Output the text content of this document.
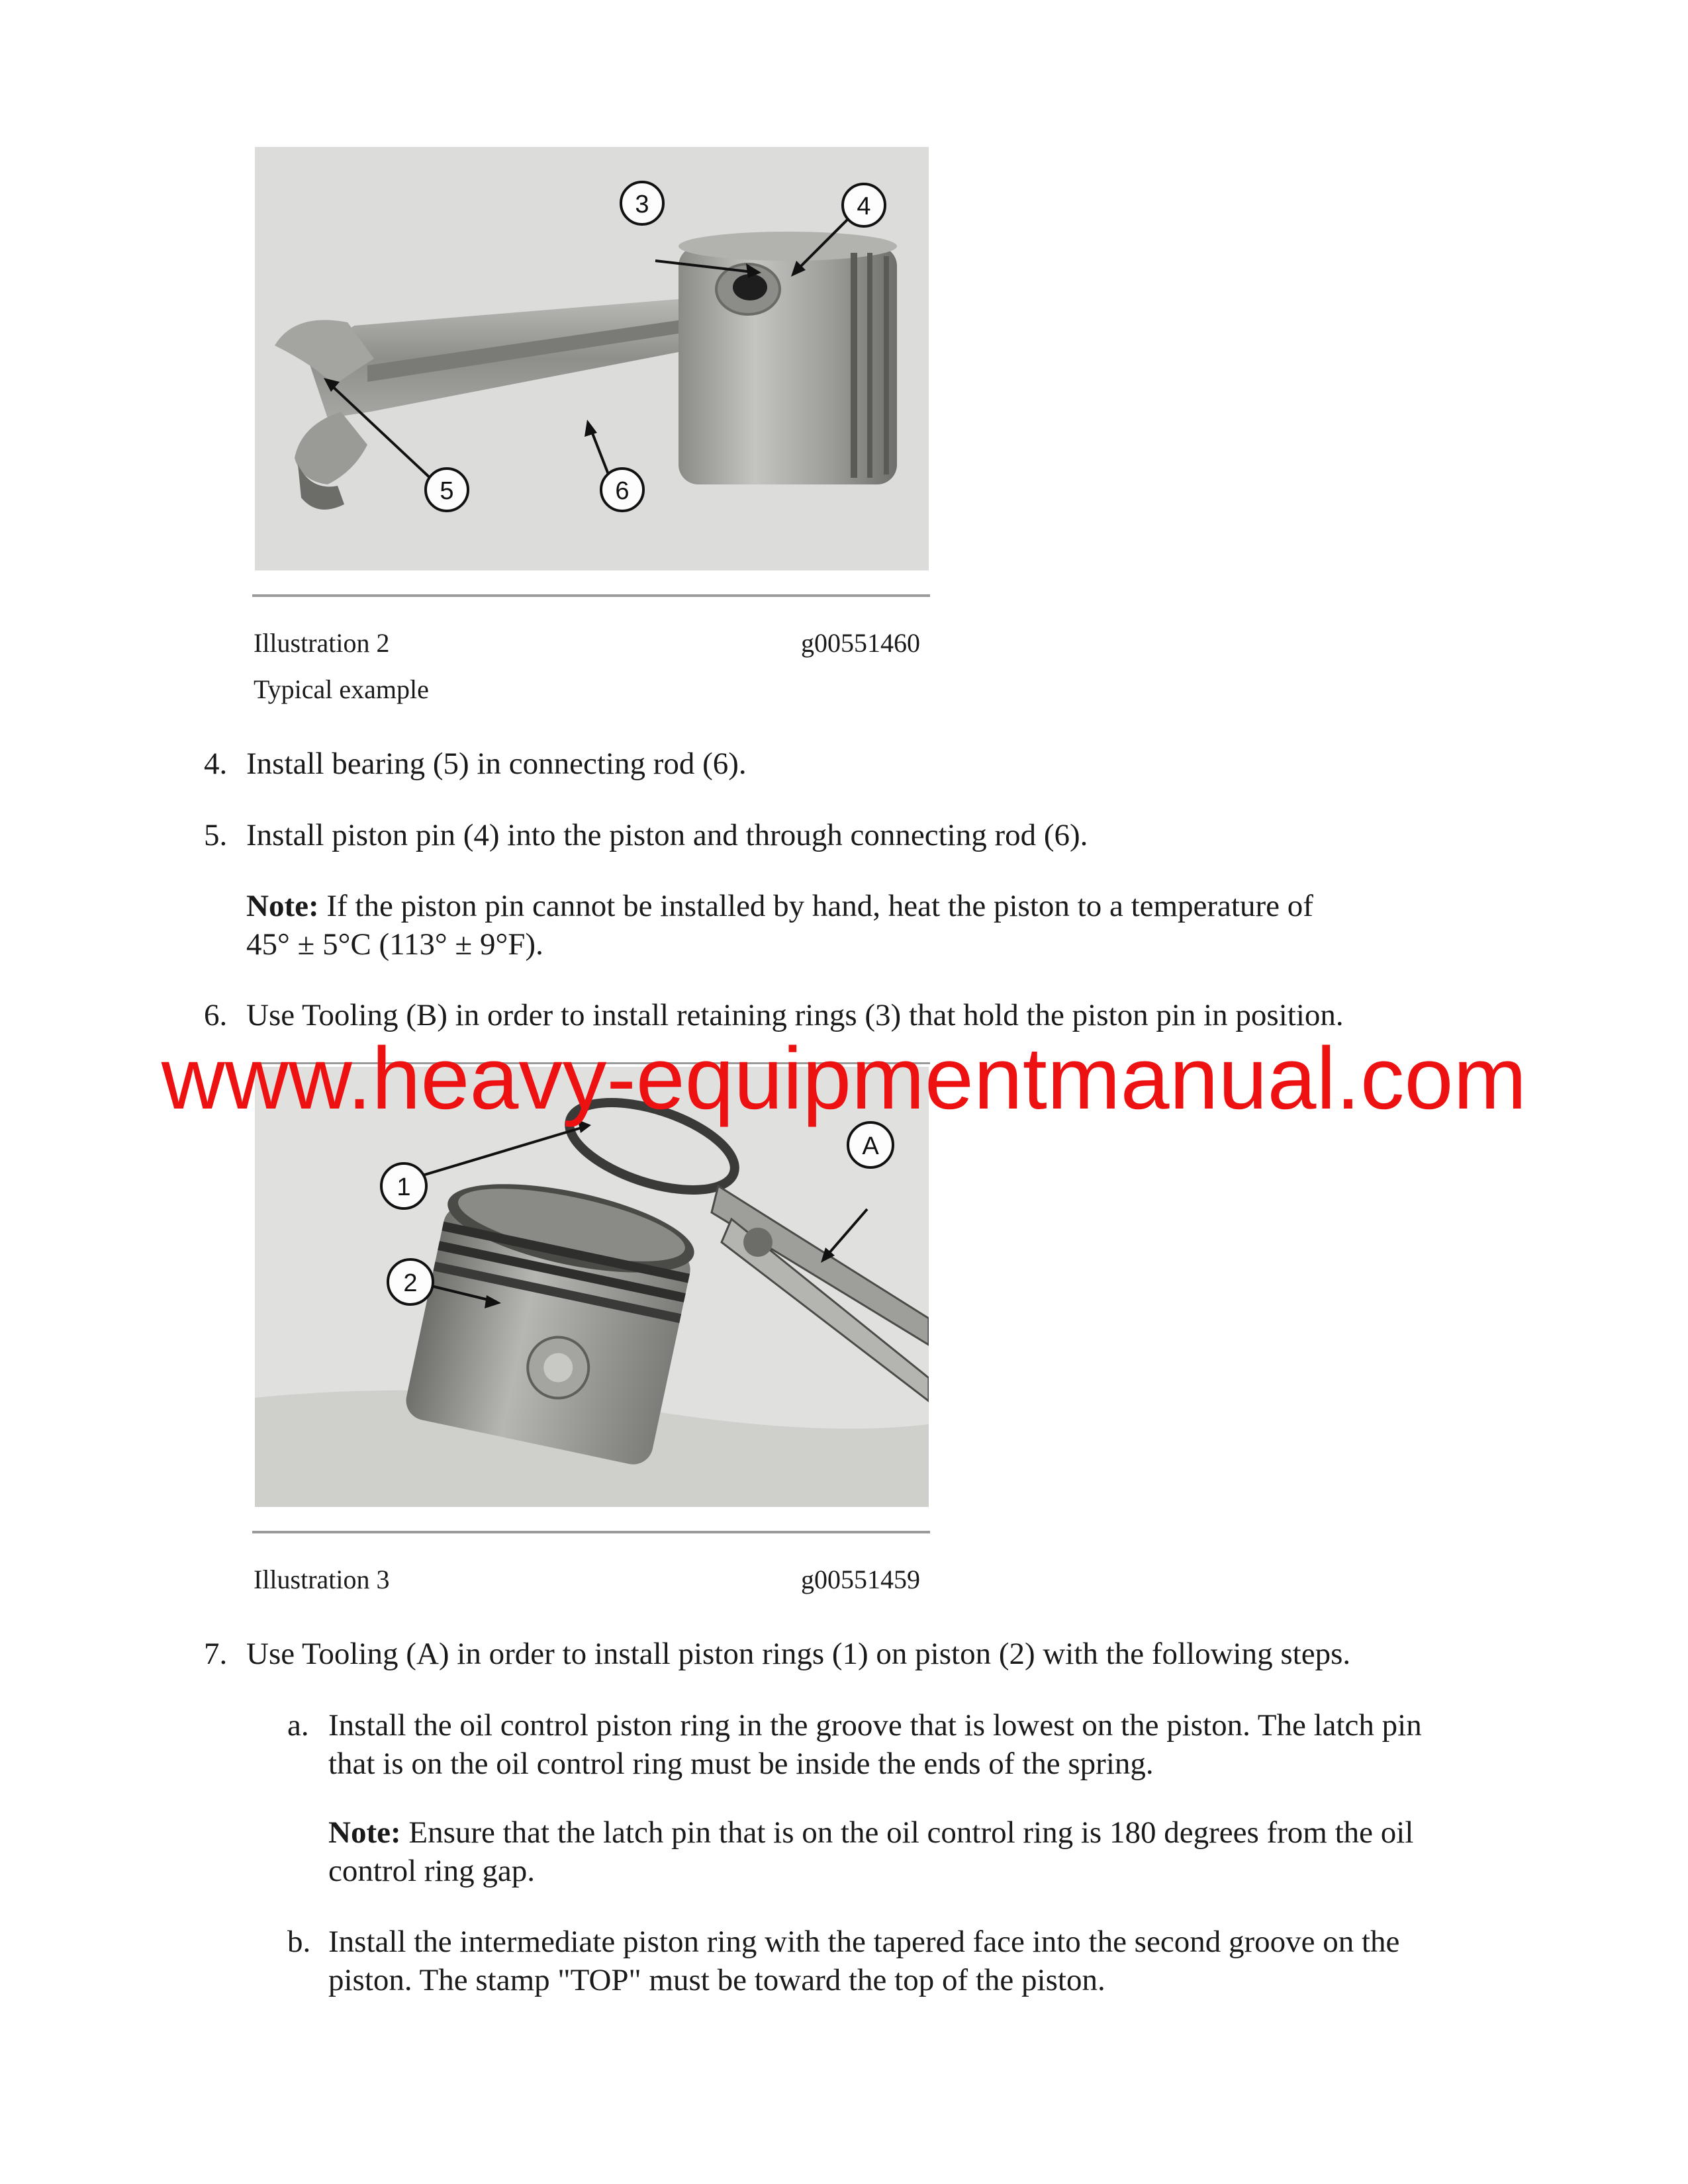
3	4
5	6
Illustration 2	g00551460
Typical example
4. Install bearing (5) in connecting rod (6).
5. Install piston pin (4) into the piston and through connecting rod (6).
Note: If the piston pin cannot be installed by hand, heat the piston to a temperature of
45° ± 5°C (113° ± 9°F).
6. Use Tooling (B) in order to install retaining rings (3) that hold the piston pin in position.
1
A
2
Illustration 3	g00551459
7. Use Tooling (A) in order to install piston rings (1) on piston (2) with the following steps.
a. Install the oil control piston ring in the groove that is lowest on the piston. The latch pin
that is on the oil control ring must be inside the ends of the spring.
Note: Ensure that the latch pin that is on the oil control ring is 180 degrees from the oil
control ring gap.
b. Install the intermediate piston ring with the tapered face into the second groove on the
piston. The stamp "TOP" must be toward the top of the piston.
www.heavy-equipmentmanual.com
